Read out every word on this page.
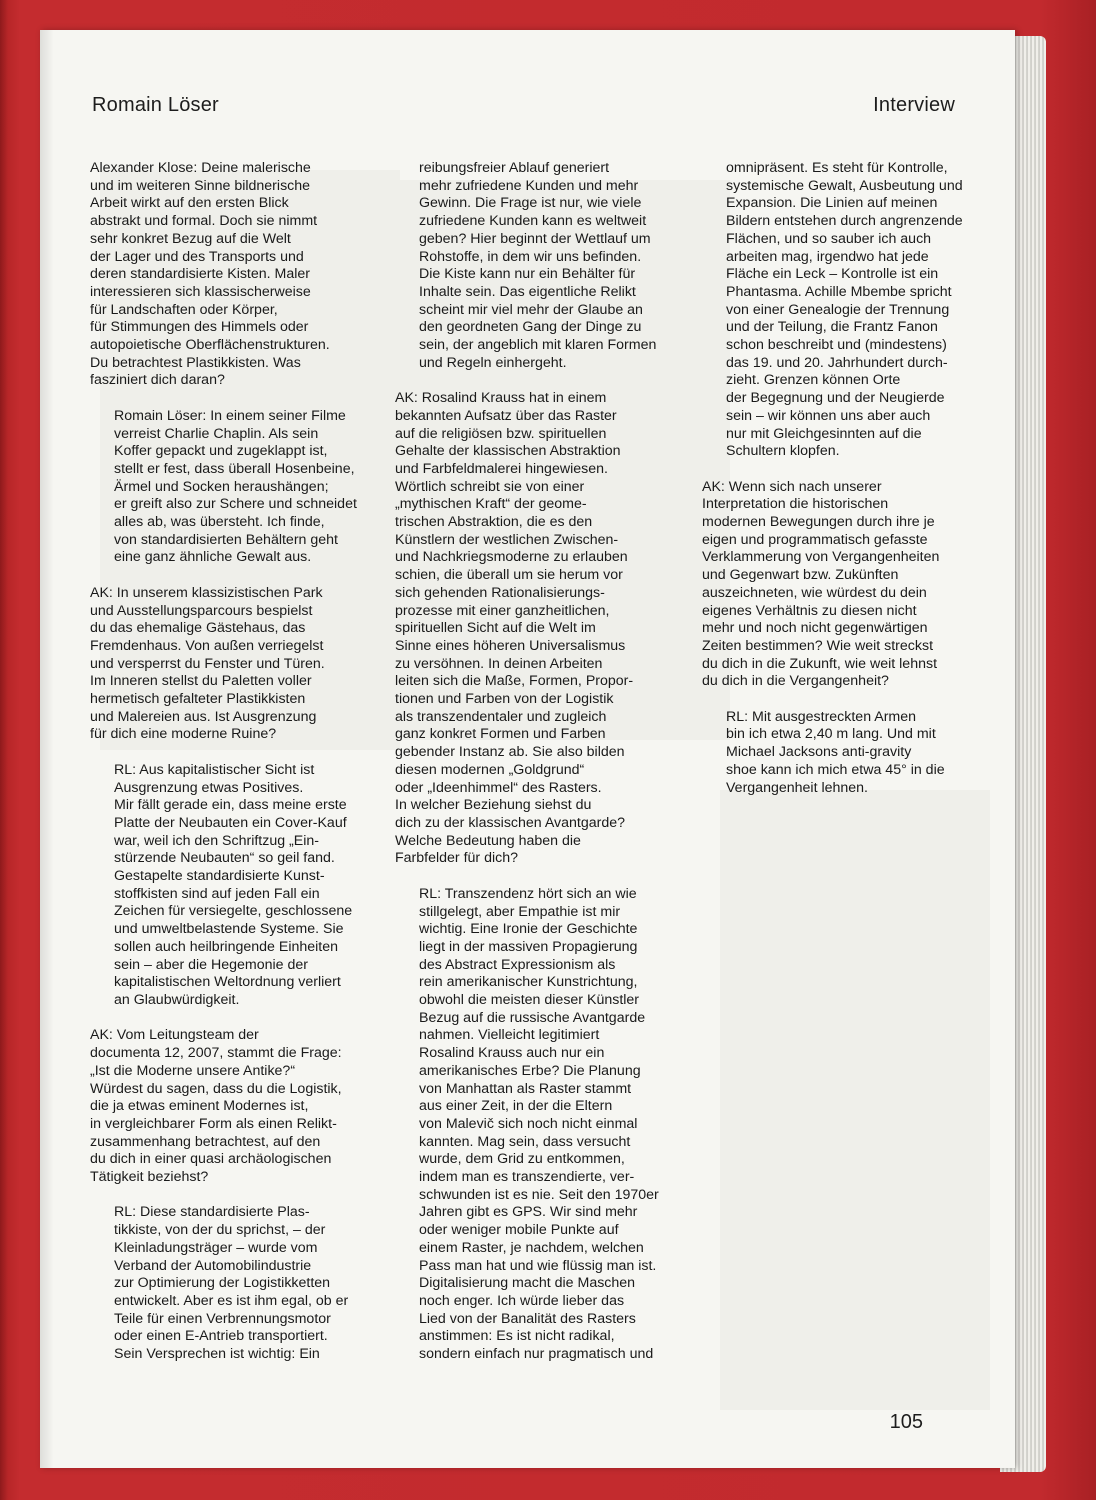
Romain Löser	Interview
Alexander Klose: Deine malerische
und im weiteren Sinne bildnerische
Arbeit wirkt auf den ersten Blick
abstrakt und formal. Doch sie nimmt
sehr konkret Bezug auf die Welt
der Lager und des Transports und
deren standardisierte Kisten. Maler
interessieren sich klassischerweise
für Landschaften oder Körper,
für Stimmungen des Himmels oder
autopoietische Oberflächenstrukturen.
Du betrachtest Plastikkisten. Was
fasziniert dich daran?
Romain Löser: In einem seiner Filme
verreist Charlie Chaplin. Als sein
Koffer gepackt und zugeklappt ist,
stellt er fest, dass überall Hosenbeine,
Ärmel und Socken heraushängen;
er greift also zur Schere und schneidet
alles ab, was übersteht. Ich finde,
von standardisierten Behältern geht
eine ganz ähnliche Gewalt aus.
AK: In unserem klassizistischen Park
und Ausstellungsparcours bespielst
du das ehemalige Gästehaus, das
Fremdenhaus. Von außen verriegelst
und versperrst du Fenster und Türen.
Im Inneren stellst du Paletten voller
hermetisch gefalteter Plastikkisten
und Malereien aus. Ist Ausgrenzung
für dich eine moderne Ruine?
RL: Aus kapitalistischer Sicht ist
Ausgrenzung etwas Positives.
Mir fällt gerade ein, dass meine erste
Platte der Neubauten ein Cover-Kauf
war, weil ich den Schriftzug „Ein-
stürzende Neubauten“ so geil fand.
Gestapelte standardisierte Kunst-
stoffkisten sind auf jeden Fall ein
Zeichen für versiegelte, geschlossene
und umweltbelastende Systeme. Sie
sollen auch heilbringende Einheiten
sein – aber die Hegemonie der
kapitalistischen Weltordnung verliert
an Glaubwürdigkeit.
AK: Vom Leitungsteam der
documenta 12, 2007, stammt die Frage:
„Ist die Moderne unsere Antike?“
Würdest du sagen, dass du die Logistik,
die ja etwas eminent Modernes ist,
in vergleichbarer Form als einen Relikt-
zusammenhang betrachtest, auf den
du dich in einer quasi archäologischen
Tätigkeit beziehst?
RL: Diese standardisierte Plas-
tikkiste, von der du sprichst, – der
Kleinladungsträger – wurde vom
Verband der Automobilindustrie
zur Optimierung der Logistikketten
entwickelt. Aber es ist ihm egal, ob er
Teile für einen Verbrennungsmotor
oder einen E-Antrieb transportiert.
Sein Versprechen ist wichtig: Ein
reibungsfreier Ablauf generiert
mehr zufriedene Kunden und mehr
Gewinn. Die Frage ist nur, wie viele
zufriedene Kunden kann es weltweit
geben? Hier beginnt der Wettlauf um
Rohstoffe, in dem wir uns befinden.
Die Kiste kann nur ein Behälter für
Inhalte sein. Das eigentliche Relikt
scheint mir viel mehr der Glaube an
den geordneten Gang der Dinge zu
sein, der angeblich mit klaren Formen
und Regeln einhergeht.
AK: Rosalind Krauss hat in einem
bekannten Aufsatz über das Raster
auf die religiösen bzw. spirituellen
Gehalte der klassischen Abstraktion
und Farbfeldmalerei hingewiesen.
Wörtlich schreibt sie von einer
„mythischen Kraft“ der geome-
trischen Abstraktion, die es den
Künstlern der westlichen Zwischen-
und Nachkriegsmoderne zu erlauben
schien, die überall um sie herum vor
sich gehenden Rationalisierungs-
prozesse mit einer ganzheitlichen,
spirituellen Sicht auf die Welt im
Sinne eines höheren Universalismus
zu versöhnen. In deinen Arbeiten
leiten sich die Maße, Formen, Propor-
tionen und Farben von der Logistik
als transzendentaler und zugleich
ganz konkret Formen und Farben
gebender Instanz ab. Sie also bilden
diesen modernen „Goldgrund“
oder „Ideenhimmel“ des Rasters.
In welcher Beziehung siehst du
dich zu der klassischen Avantgarde?
Welche Bedeutung haben die
Farbfelder für dich?
RL: Transzendenz hört sich an wie
stillgelegt, aber Empathie ist mir
wichtig. Eine Ironie der Geschichte
liegt in der massiven Propagierung
des Abstract Expressionism als
rein amerikanischer Kunstrichtung,
obwohl die meisten dieser Künstler
Bezug auf die russische Avantgarde
nahmen. Vielleicht legitimiert
Rosalind Krauss auch nur ein
amerikanisches Erbe? Die Planung
von Manhattan als Raster stammt
aus einer Zeit, in der die Eltern
von Malevič sich noch nicht einmal
kannten. Mag sein, dass versucht
wurde, dem Grid zu entkommen,
indem man es transzendierte, ver-
schwunden ist es nie. Seit den 1970er
Jahren gibt es GPS. Wir sind mehr
oder weniger mobile Punkte auf
einem Raster, je nachdem, welchen
Pass man hat und wie flüssig man ist.
Digitalisierung macht die Maschen
noch enger. Ich würde lieber das
Lied von der Banalität des Rasters
anstimmen: Es ist nicht radikal,
sondern einfach nur pragmatisch und
omnipräsent. Es steht für Kontrolle,
systemische Gewalt, Ausbeutung und
Expansion. Die Linien auf meinen
Bildern entstehen durch angrenzende
Flächen, und so sauber ich auch
arbeiten mag, irgendwo hat jede
Fläche ein Leck – Kontrolle ist ein
Phantasma. Achille Mbembe spricht
von einer Genealogie der Trennung
und der Teilung, die Frantz Fanon
schon beschreibt und (mindestens)
das 19. und 20. Jahrhundert durch-
zieht. Grenzen können Orte
der Begegnung und der Neugierde
sein – wir können uns aber auch
nur mit Gleichgesinnten auf die
Schultern klopfen.
AK: Wenn sich nach unserer
Interpretation die historischen
modernen Bewegungen durch ihre je
eigen und programmatisch gefasste
Verklammerung von Vergangenheiten
und Gegenwart bzw. Zukünften
auszeichneten, wie würdest du dein
eigenes Verhältnis zu diesen nicht
mehr und noch nicht gegenwärtigen
Zeiten bestimmen? Wie weit streckst
du dich in die Zukunft, wie weit lehnst
du dich in die Vergangenheit?
RL: Mit ausgestreckten Armen
bin ich etwa 2,40 m lang. Und mit
Michael Jacksons anti-gravity
shoe kann ich mich etwa 45° in die
Vergangenheit lehnen.
105
